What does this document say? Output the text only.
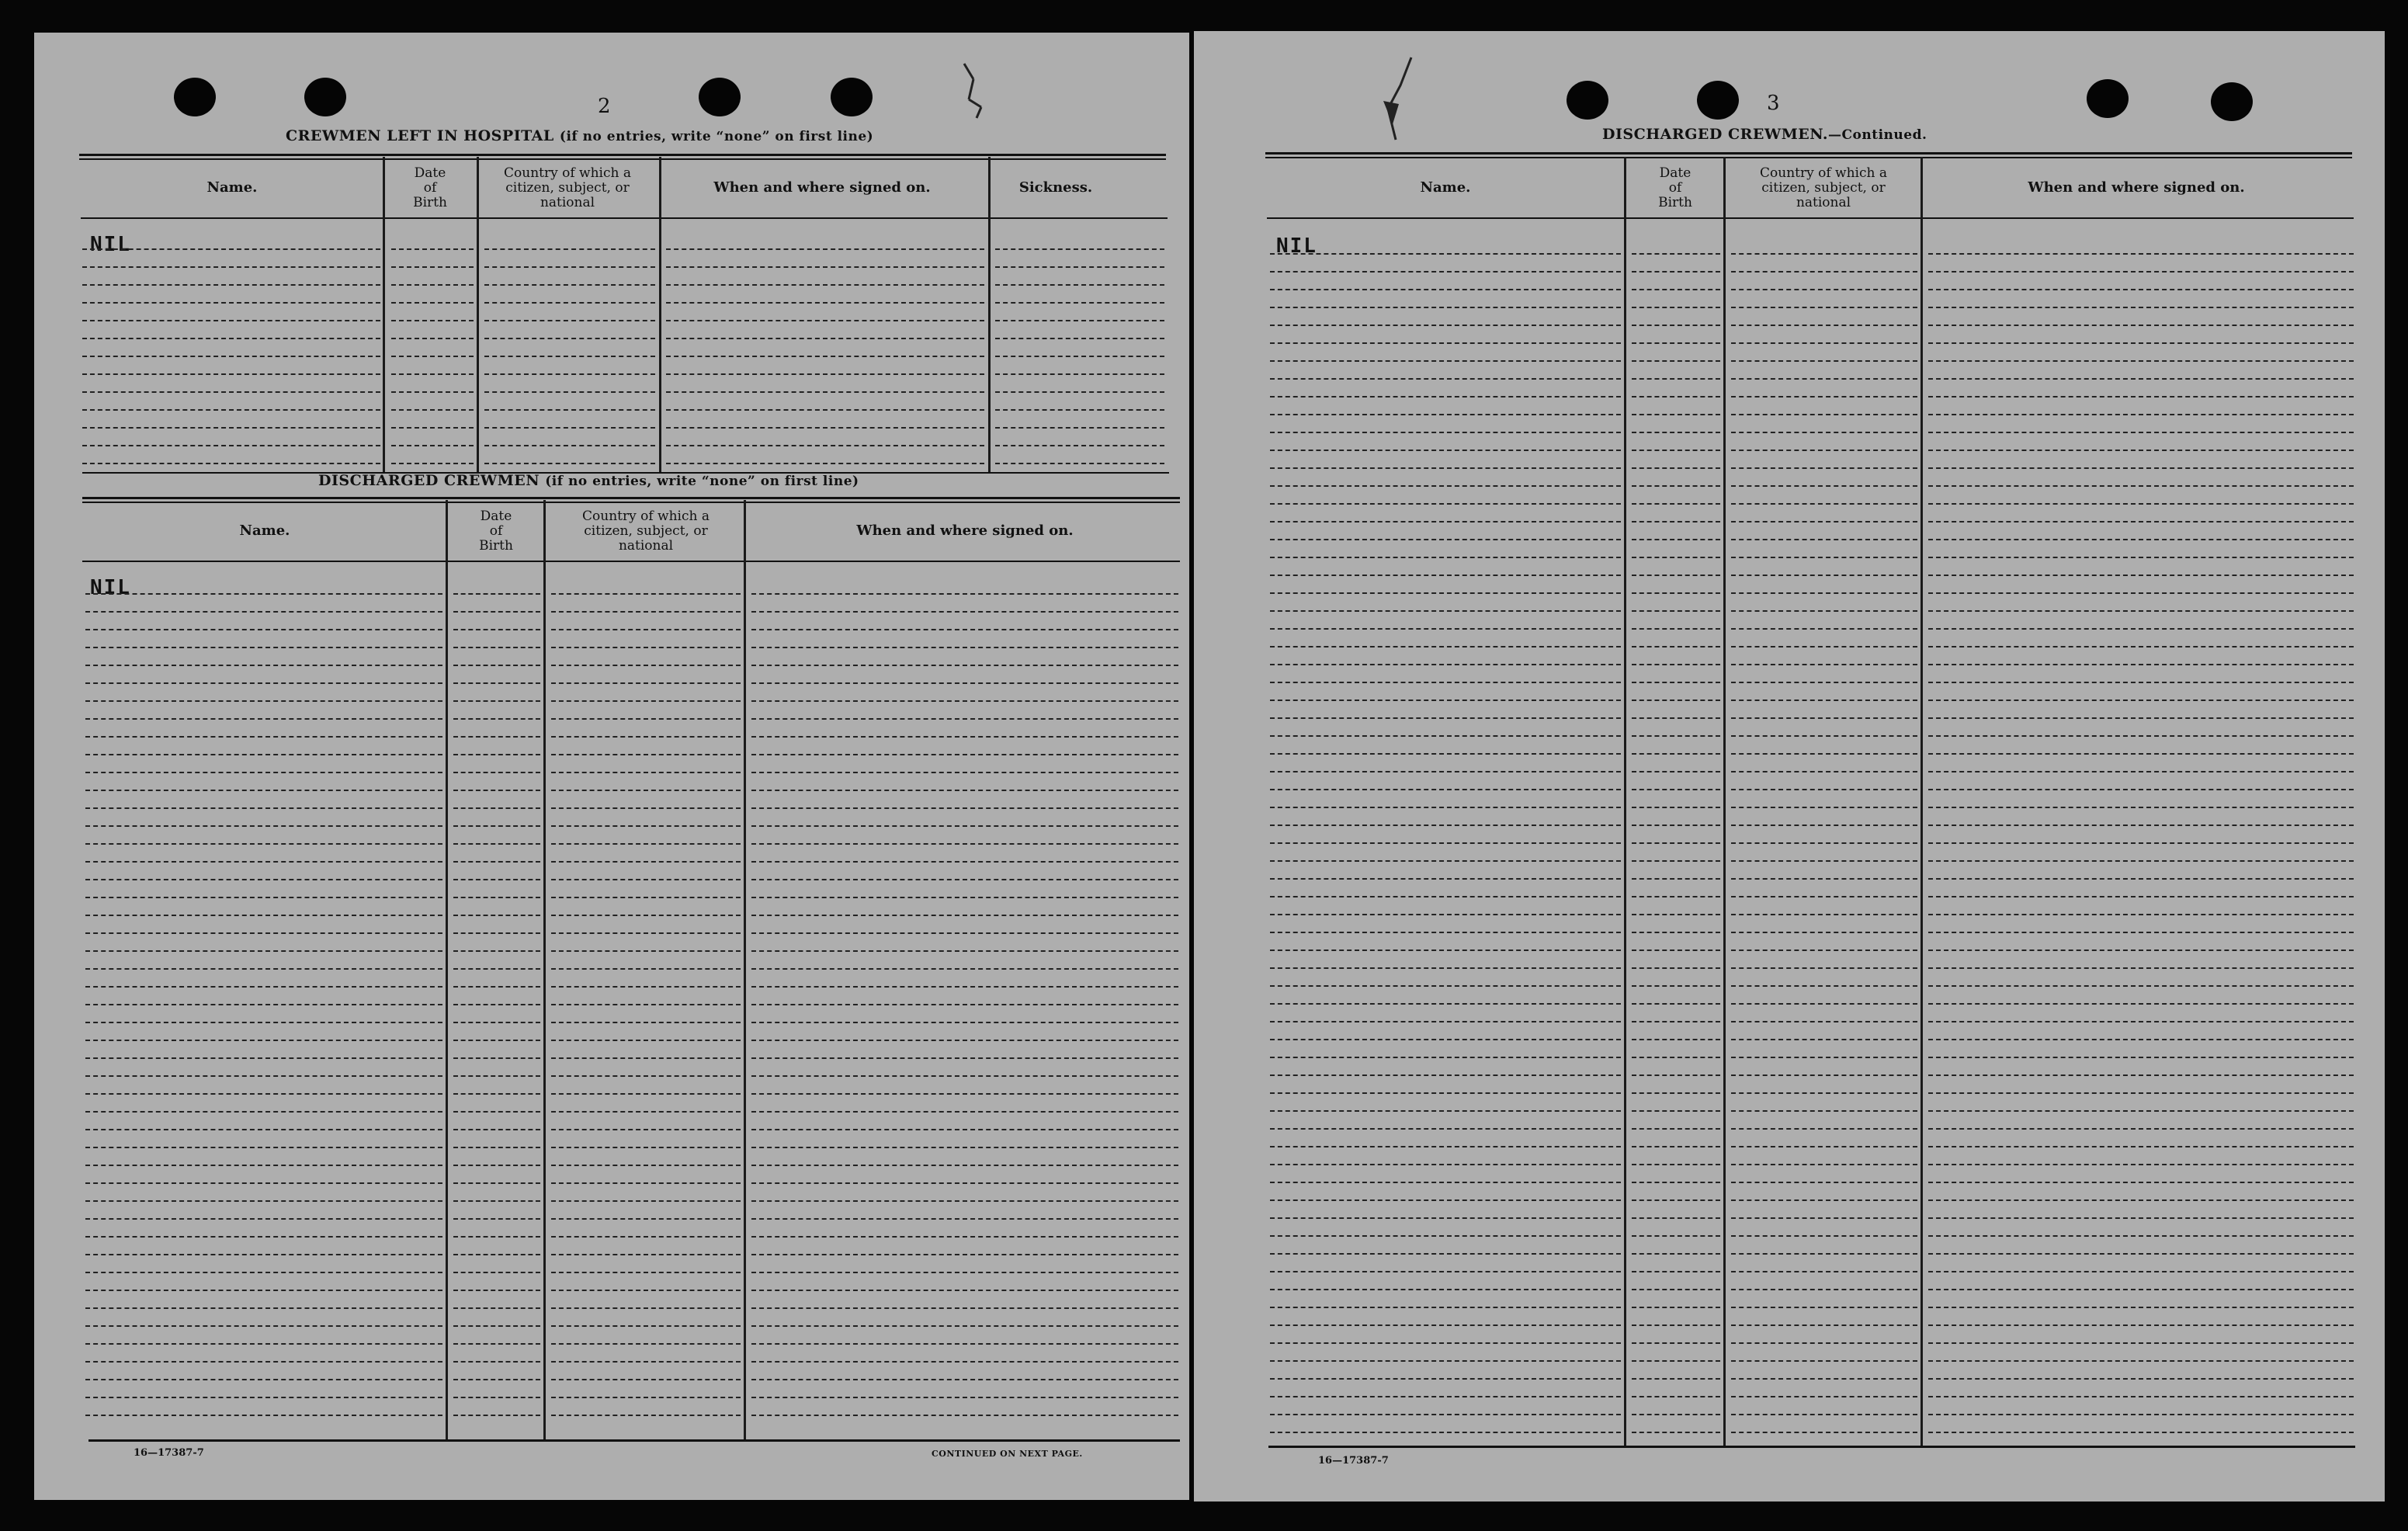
2
CREWMEN LEFT IN HOSPITAL (if no entries, write “none” on first line)
Name.
Date
of
Birth
Country of which a
citizen, subject, or
national
When and where signed on.	Sickness.
NIL
DISCHARGED CREWMEN (if no entries, write “none” on first line)
Name.
Date
of
Birth
Country of which a
citizen, subject, or
national
When and where signed on.
NIL
16—17387-7	CONTINUED ON NEXT PAGE.
3
DISCHARGED CREWMEN.—Continued.
Name.
Date
of
Birth
Country of which a
citizen, subject, or
national
When and where signed on.
NIL
16—17387-7
